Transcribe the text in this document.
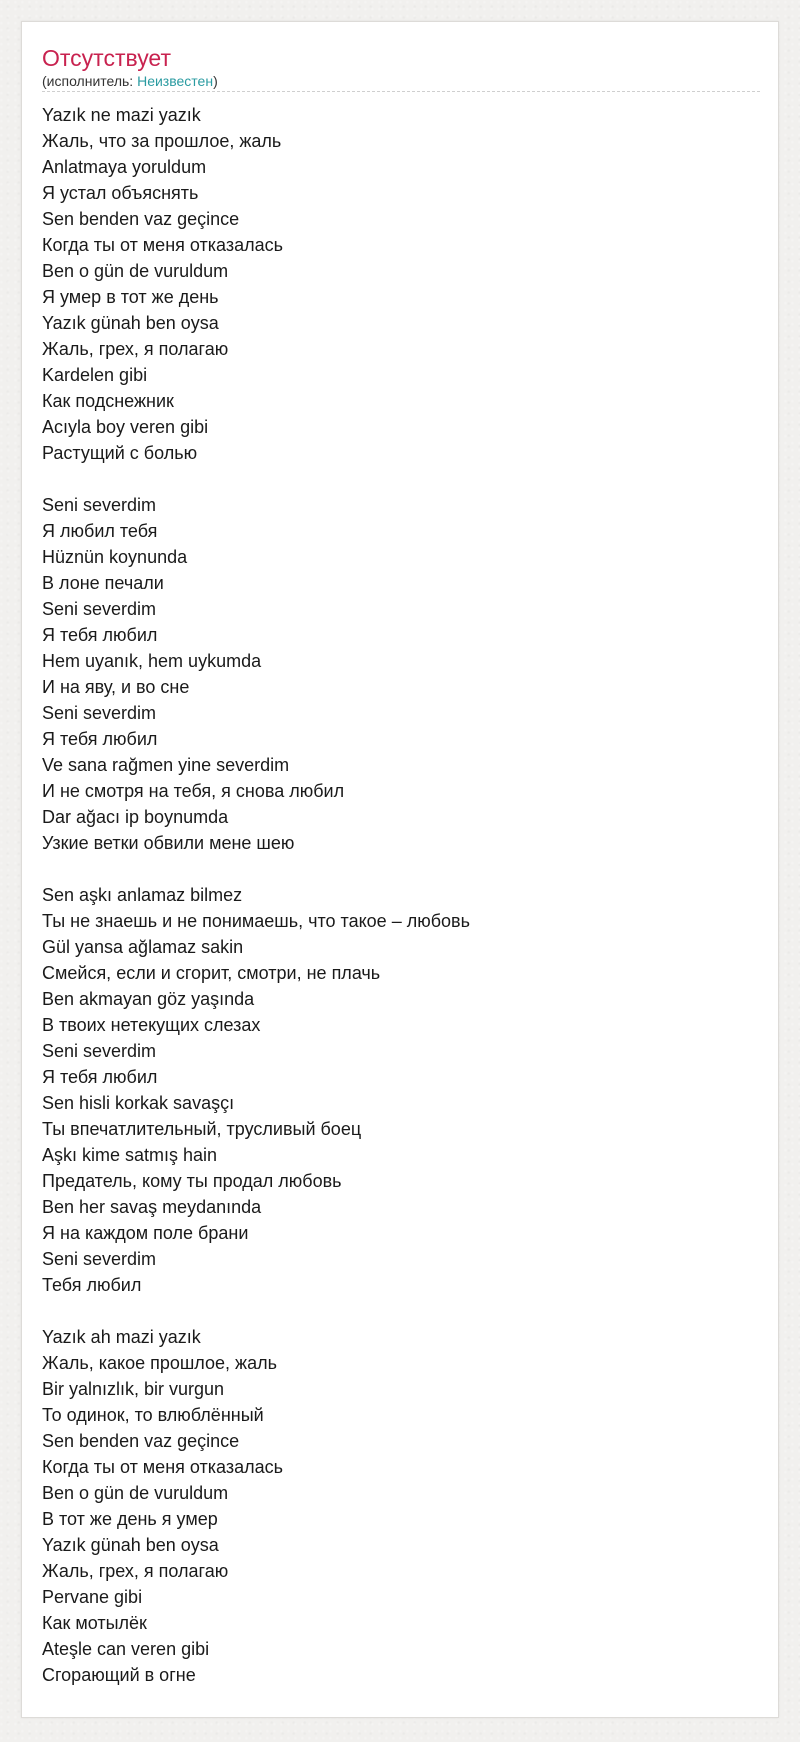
Отсутствует
(исполнитель: Неизвестен)
Yazık ne mazi yazık
Жаль, что за прошлое, жаль
Anlatmaya yoruldum
Я устал объяснять
Sen benden vaz geçince
Когда ты от меня отказалась
Ben o gün de vuruldum
Я умер в тот же день
Yazık günah ben oysa
Жаль, грех, я полагаю
Kardelen gibi
Как подснежник
Acıyla boy veren gibi
Растущий с болью
Seni severdim
Я любил тебя
Hüznün koynunda
В лоне печали
Seni severdim
Я тебя любил
Hem uyanık, hem uykumda
И на яву, и во сне
Seni severdim
Я тебя любил
Ve sana rağmen yine severdim
И не смотря на тебя, я снова любил
Dar ağacı ip boynumda
Узкие ветки обвили мене шею
Sen aşkı anlamaz bilmez
Ты не знаешь и не понимаешь, что такое – любовь
Gül yansa ağlamaz sakin
Смейся, если и сгорит, смотри, не плачь
Ben akmayan göz yaşında
В твоих нетекущих слезах
Seni severdim
Я тебя любил
Sen hisli korkak savaşçı
Ты впечатлительный, трусливый боец
Aşkı kime satmış hain
Предатель, кому ты продал любовь
Ben her savaş meydanında
Я на каждом поле брани
Seni severdim
Тебя любил
Yazık ah mazi yazık
Жаль, какое прошлое, жаль
Bir yalnızlık, bir vurgun
То одинок, то влюблённый
Sen benden vaz geçince
Когда ты от меня отказалась
Ben o gün de vuruldum
В тот же день я умер
Yazık günah ben oysa
Жаль, грех, я полагаю
Pervane gibi
Как мотылёк
Ateşle can veren gibi
Сгорающий в огне
